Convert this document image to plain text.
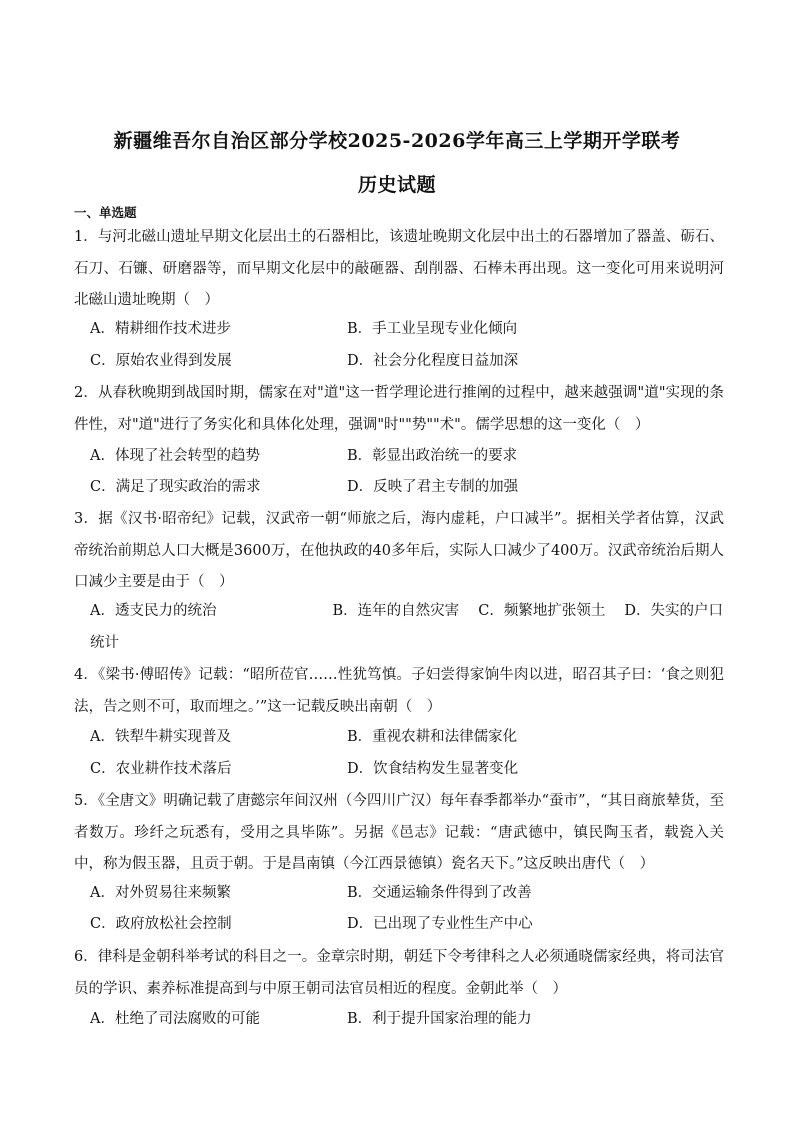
新疆维吾尔自治区部分学校2025-2026学年高三上学期开学联考
历史试题
一、单选题
1．与河北磁山遗址早期文化层出土的石器相比，该遗址晚期文化层中出土的石器增加了器盖、砺石、石刀、石镰、研磨器等，而早期文化层中的敲砸器、刮削器、石棒未再出现。这一变化可用来说明河北磁山遗址晚期（　）
A．精耕细作技术进步	B．手工业呈现专业化倾向
C．原始农业得到发展	D．社会分化程度日益加深
2．从春秋晚期到战国时期，儒家在对"道"这一哲学理论进行推阐的过程中，越来越强调"道"实现的条件性，对"道"进行了务实化和具体化处理，强调"时""势""术"。儒学思想的这一变化（　）
A．体现了社会转型的趋势	B．彰显出政治统一的要求
C．满足了现实政治的需求	D．反映了君主专制的加强
3．据《汉书·昭帝纪》记载，汉武帝一朝“师旅之后，海内虚耗，户口减半”。据相关学者估算，汉武帝统治前期总人口大概是3600万，在他执政的40多年后，实际人口减少了400万。汉武帝统治后期人口减少主要是由于（　）
A．透支民力的统治　　　　　　　　B．连年的自然灾害　 C．频繁地扩张领土　 D．失实的户口
统计
4．《梁书·傅昭传》记载：“昭所莅官……性犹笃慎。子妇尝得家饷牛肉以进，昭召其子曰：‘食之则犯法，告之则不可，取而埋之。’”这一记载反映出南朝（　）
A．铁犁牛耕实现普及	B．重视农耕和法律儒家化
C．农业耕作技术落后	D．饮食结构发生显著变化
5．《全唐文》明确记载了唐懿宗年间汉州（今四川广汉）每年春季都举办“蚕市”，“其日商旅辇货，至者数万。珍纤之玩悉有，受用之具毕陈”。另据《邑志》记载：“唐武德中，镇民陶玉者，载瓷入关中，称为假玉器，且贡于朝。于是昌南镇（今江西景德镇）瓷名天下。”这反映出唐代（　）
A．对外贸易往来频繁	B．交通运输条件得到了改善
C．政府放松社会控制	D．已出现了专业性生产中心
6．律科是金朝科举考试的科目之一。金章宗时期，朝廷下令考律科之人必须通晓儒家经典，将司法官员的学识、素养标准提高到与中原王朝司法官员相近的程度。金朝此举（　）
A．杜绝了司法腐败的可能	B．利于提升国家治理的能力
